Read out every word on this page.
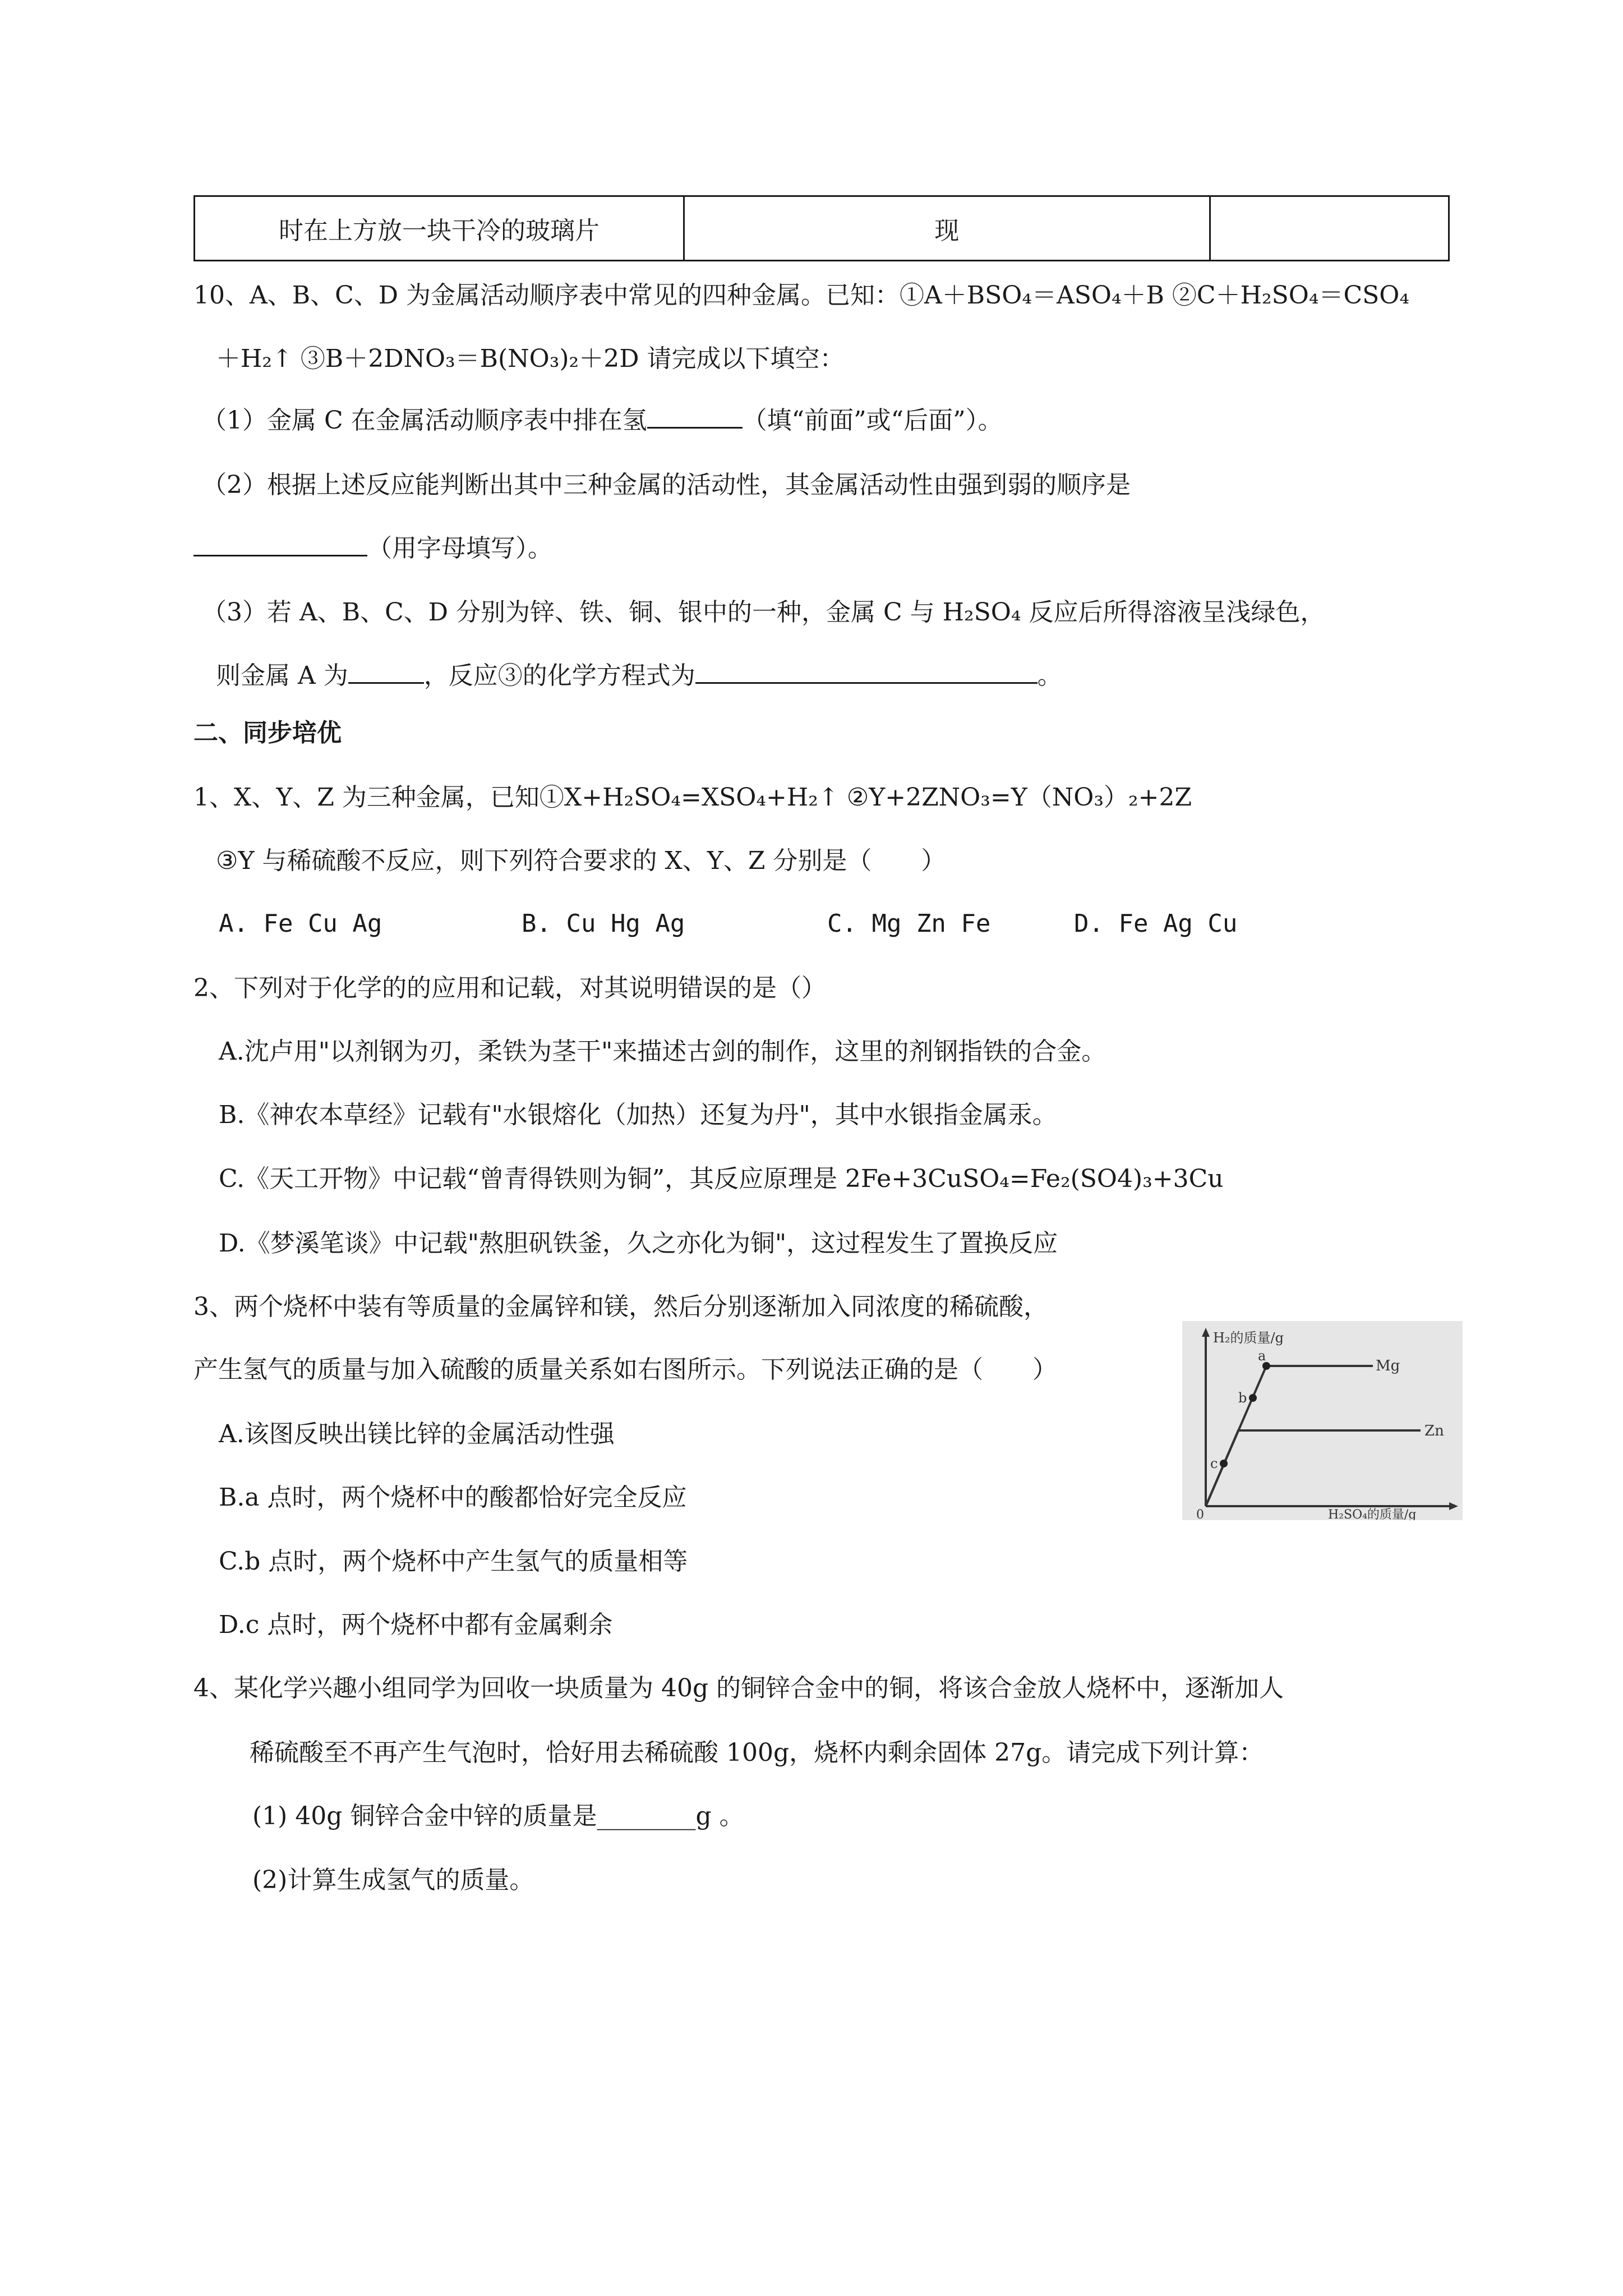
时在上方放一块干冷的玻璃片	现	
10、A、B、C、D 为金属活动顺序表中常见的四种金属。已知：①A＋BSO₄＝ASO₄＋B ②C＋H₂SO₄＝CSO₄
＋H₂↑ ③B＋2DNO₃＝B(NO₃)₂＋2D 请完成以下填空：
（1）金属 C 在金属活动顺序表中排在氢	（填“前面”或“后面”）。
（2）根据上述反应能判断出其中三种金属的活动性，其金属活动性由强到弱的顺序是
（用字母填写）。
（3）若 A、B、C、D 分别为锌、铁、铜、银中的一种，金属 C 与 H₂SO₄ 反应后所得溶液呈浅绿色，
则金属 A 为	，反应③的化学方程式为	。
二、同步培优
1、X、Y、Z 为三种金属，已知①X+H₂SO₄=XSO₄+H₂↑ ②Y+2ZNO₃=Y（NO₃）₂+2Z
③Y 与稀硫酸不反应，则下列符合要求的 X、Y、Z 分别是（　　）
A. Fe Cu Ag	B. Cu Hg Ag	C. Mg Zn Fe	D. Fe Ag Cu
2、下列对于化学的的应用和记载，对其说明错误的是（）
A.沈卢用"以剂钢为刃，柔铁为茎干"来描述古剑的制作，这里的剂钢指铁的合金。
B.《神农本草经》记载有"水银熔化（加热）还复为丹"，其中水银指金属汞。
C.《天工开物》中记载“曾青得铁则为铜”，其反应原理是 2Fe+3CuSO₄=Fe₂(SO4)₃+3Cu
D.《梦溪笔谈》中记载"熬胆矾铁釜，久之亦化为铜"，这过程发生了置换反应
3、两个烧杯中装有等质量的金属锌和镁，然后分别逐渐加入同浓度的稀硫酸，
产生氢气的质量与加入硫酸的质量关系如右图所示。下列说法正确的是（　　）
A.该图反映出镁比锌的金属活动性强
B.a 点时，两个烧杯中的酸都恰好完全反应
C.b 点时，两个烧杯中产生氢气的质量相等
D.c 点时，两个烧杯中都有金属剩余
H₂的质量/g
H₂SO₄的质量/g
0
Mg
Zn
a
b
c
4、某化学兴趣小组同学为回收一块质量为 40g 的铜锌合金中的铜，将该合金放人烧杯中，逐渐加人
稀硫酸至不再产生气泡时，恰好用去稀硫酸 100g，烧杯内剩余固体 27g。请完成下列计算：
(1) 40g 铜锌合金中锌的质量是________g 。
(2)计算生成氢气的质量。
